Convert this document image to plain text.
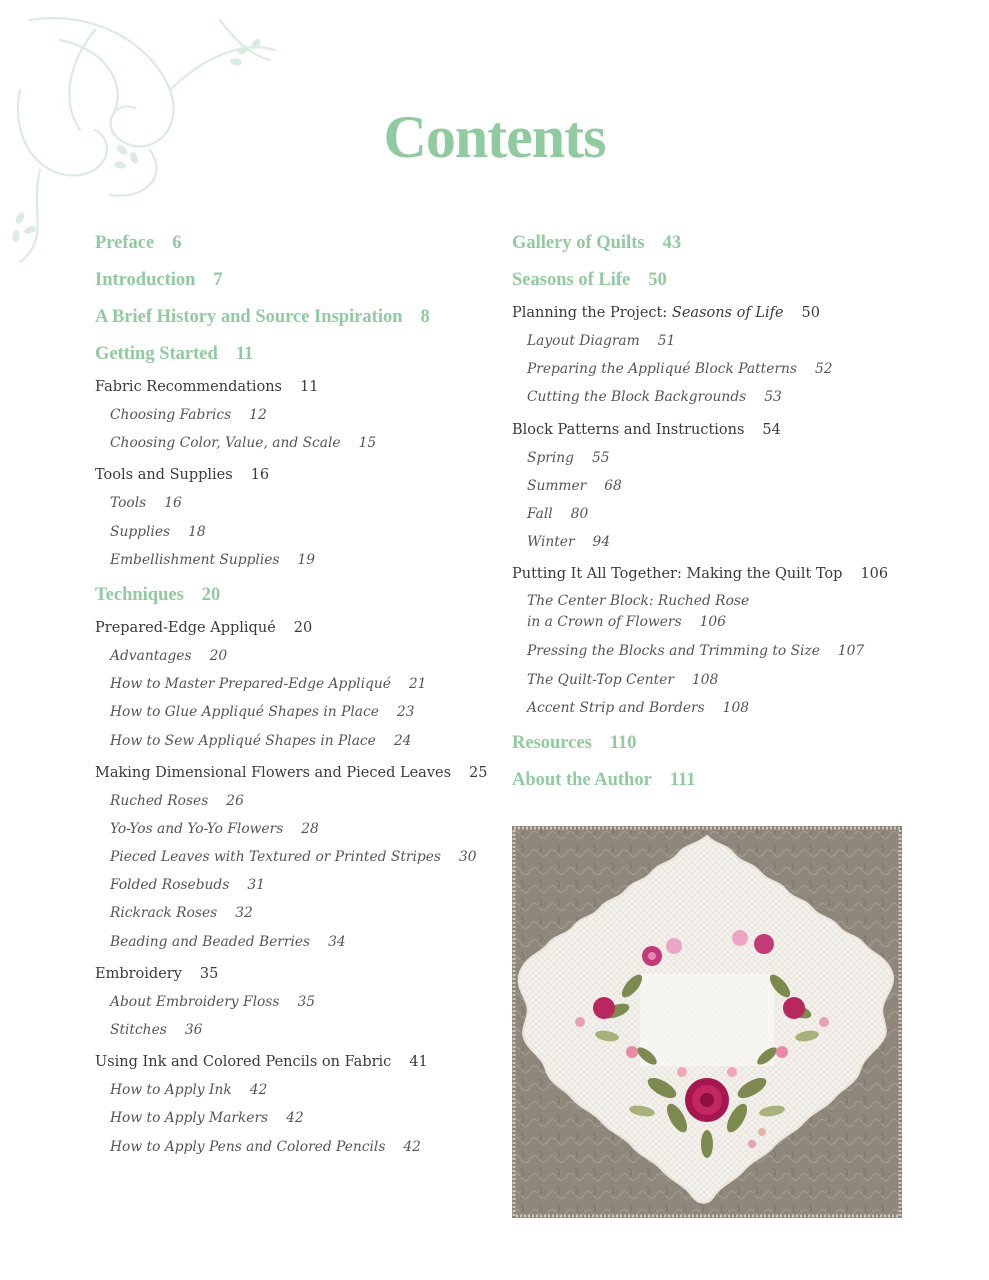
Contents
Preface 6
Introduction 7
A Brief History and Source Inspiration 8
Getting Started 11
Fabric Recommendations 11
Choosing Fabrics 12
Choosing Color, Value, and Scale 15
Tools and Supplies 16
Tools 16
Supplies 18
Embellishment Supplies 19
Techniques 20
Prepared-Edge Appliqué 20
Advantages 20
How to Master Prepared-Edge Appliqué 21
How to Glue Appliqué Shapes in Place 23
How to Sew Appliqué Shapes in Place 24
Making Dimensional Flowers and Pieced Leaves 25
Ruched Roses 26
Yo-Yos and Yo-Yo Flowers 28
Pieced Leaves with Textured or Printed Stripes 30
Folded Rosebuds 31
Rickrack Roses 32
Beading and Beaded Berries 34
Embroidery 35
About Embroidery Floss 35
Stitches 36
Using Ink and Colored Pencils on Fabric 41
How to Apply Ink 42
How to Apply Markers 42
How to Apply Pens and Colored Pencils 42
Gallery of Quilts 43
Seasons of Life 50
Planning the Project: Seasons of Life 50
Layout Diagram 51
Preparing the Appliqué Block Patterns 52
Cutting the Block Backgrounds 53
Block Patterns and Instructions 54
Spring 55
Summer 68
Fall 80
Winter 94
Putting It All Together: Making the Quilt Top 106
The Center Block: Ruched Rose
in a Crown of Flowers 106
Pressing the Blocks and Trimming to Size 107
The Quilt-Top Center 108
Accent Strip and Borders 108
Resources 110
About the Author 111
